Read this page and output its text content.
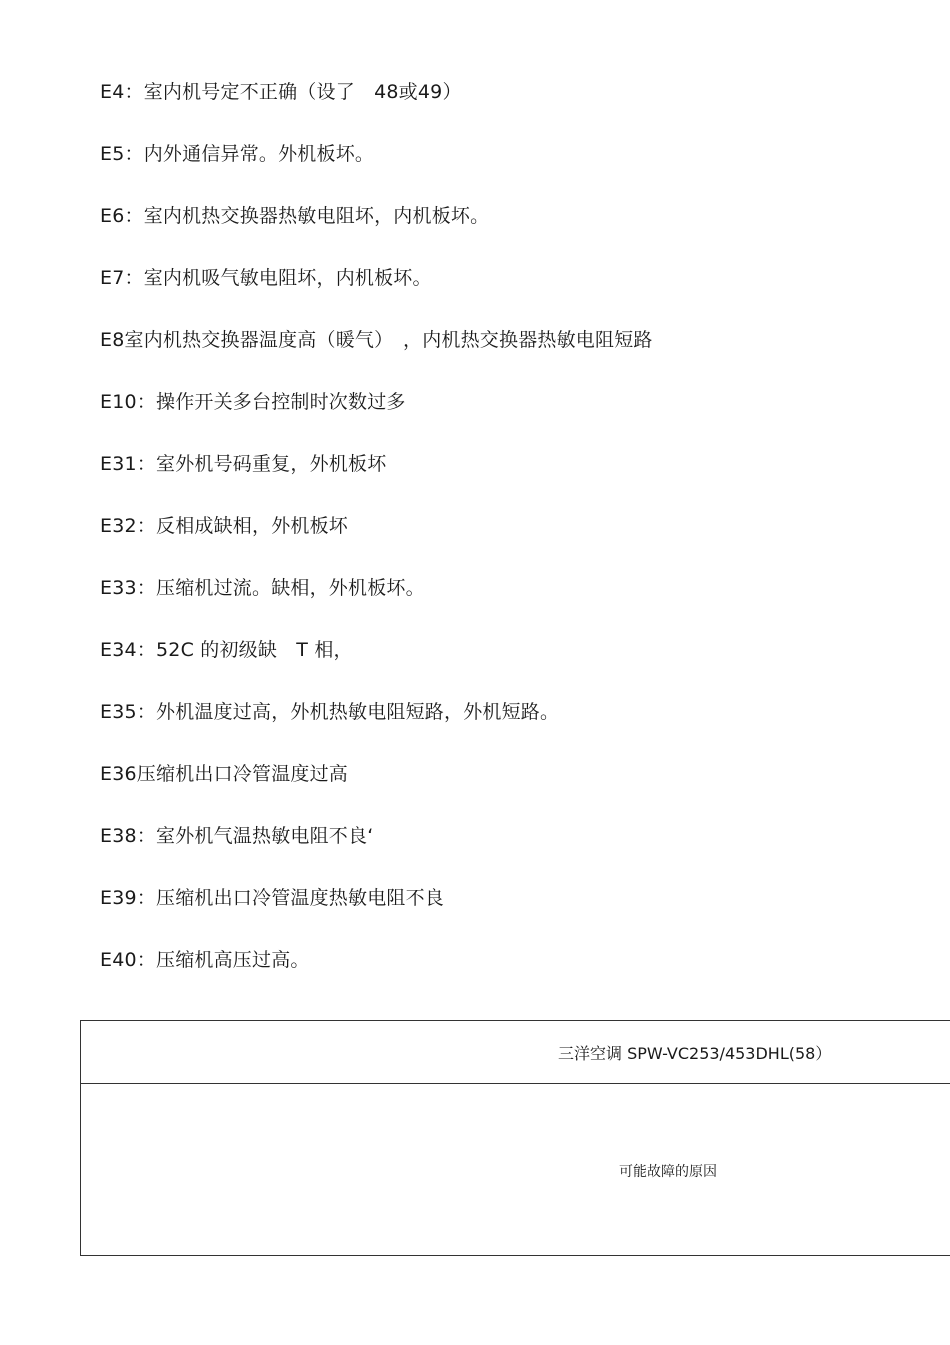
E4：室内机号定不正确（设了　48或49）
E5：内外通信异常。外机板坏。
E6：室内机热交换器热敏电阻坏，内机板坏。
E7：室内机吸气敏电阻坏，内机板坏。
E8室内机热交换器温度高（暖气）　，内机热交换器热敏电阻短路
E10：操作开关多台控制时次数过多
E31：室外机号码重复，外机板坏
E32：反相成缺相，外机板坏
E33：压缩机过流。缺相，外机板坏。
E34：52C 的初级缺　T 相，
E35：外机温度过高，外机热敏电阻短路，外机短路。
E36压缩机出口冷管温度过高
E38：室外机气温热敏电阻不良‘
E39：压缩机出口冷管温度热敏电阻不良
E40：压缩机高压过高。
三洋空调 SPW-VC253/453DHL(58）
可能故障的原因
